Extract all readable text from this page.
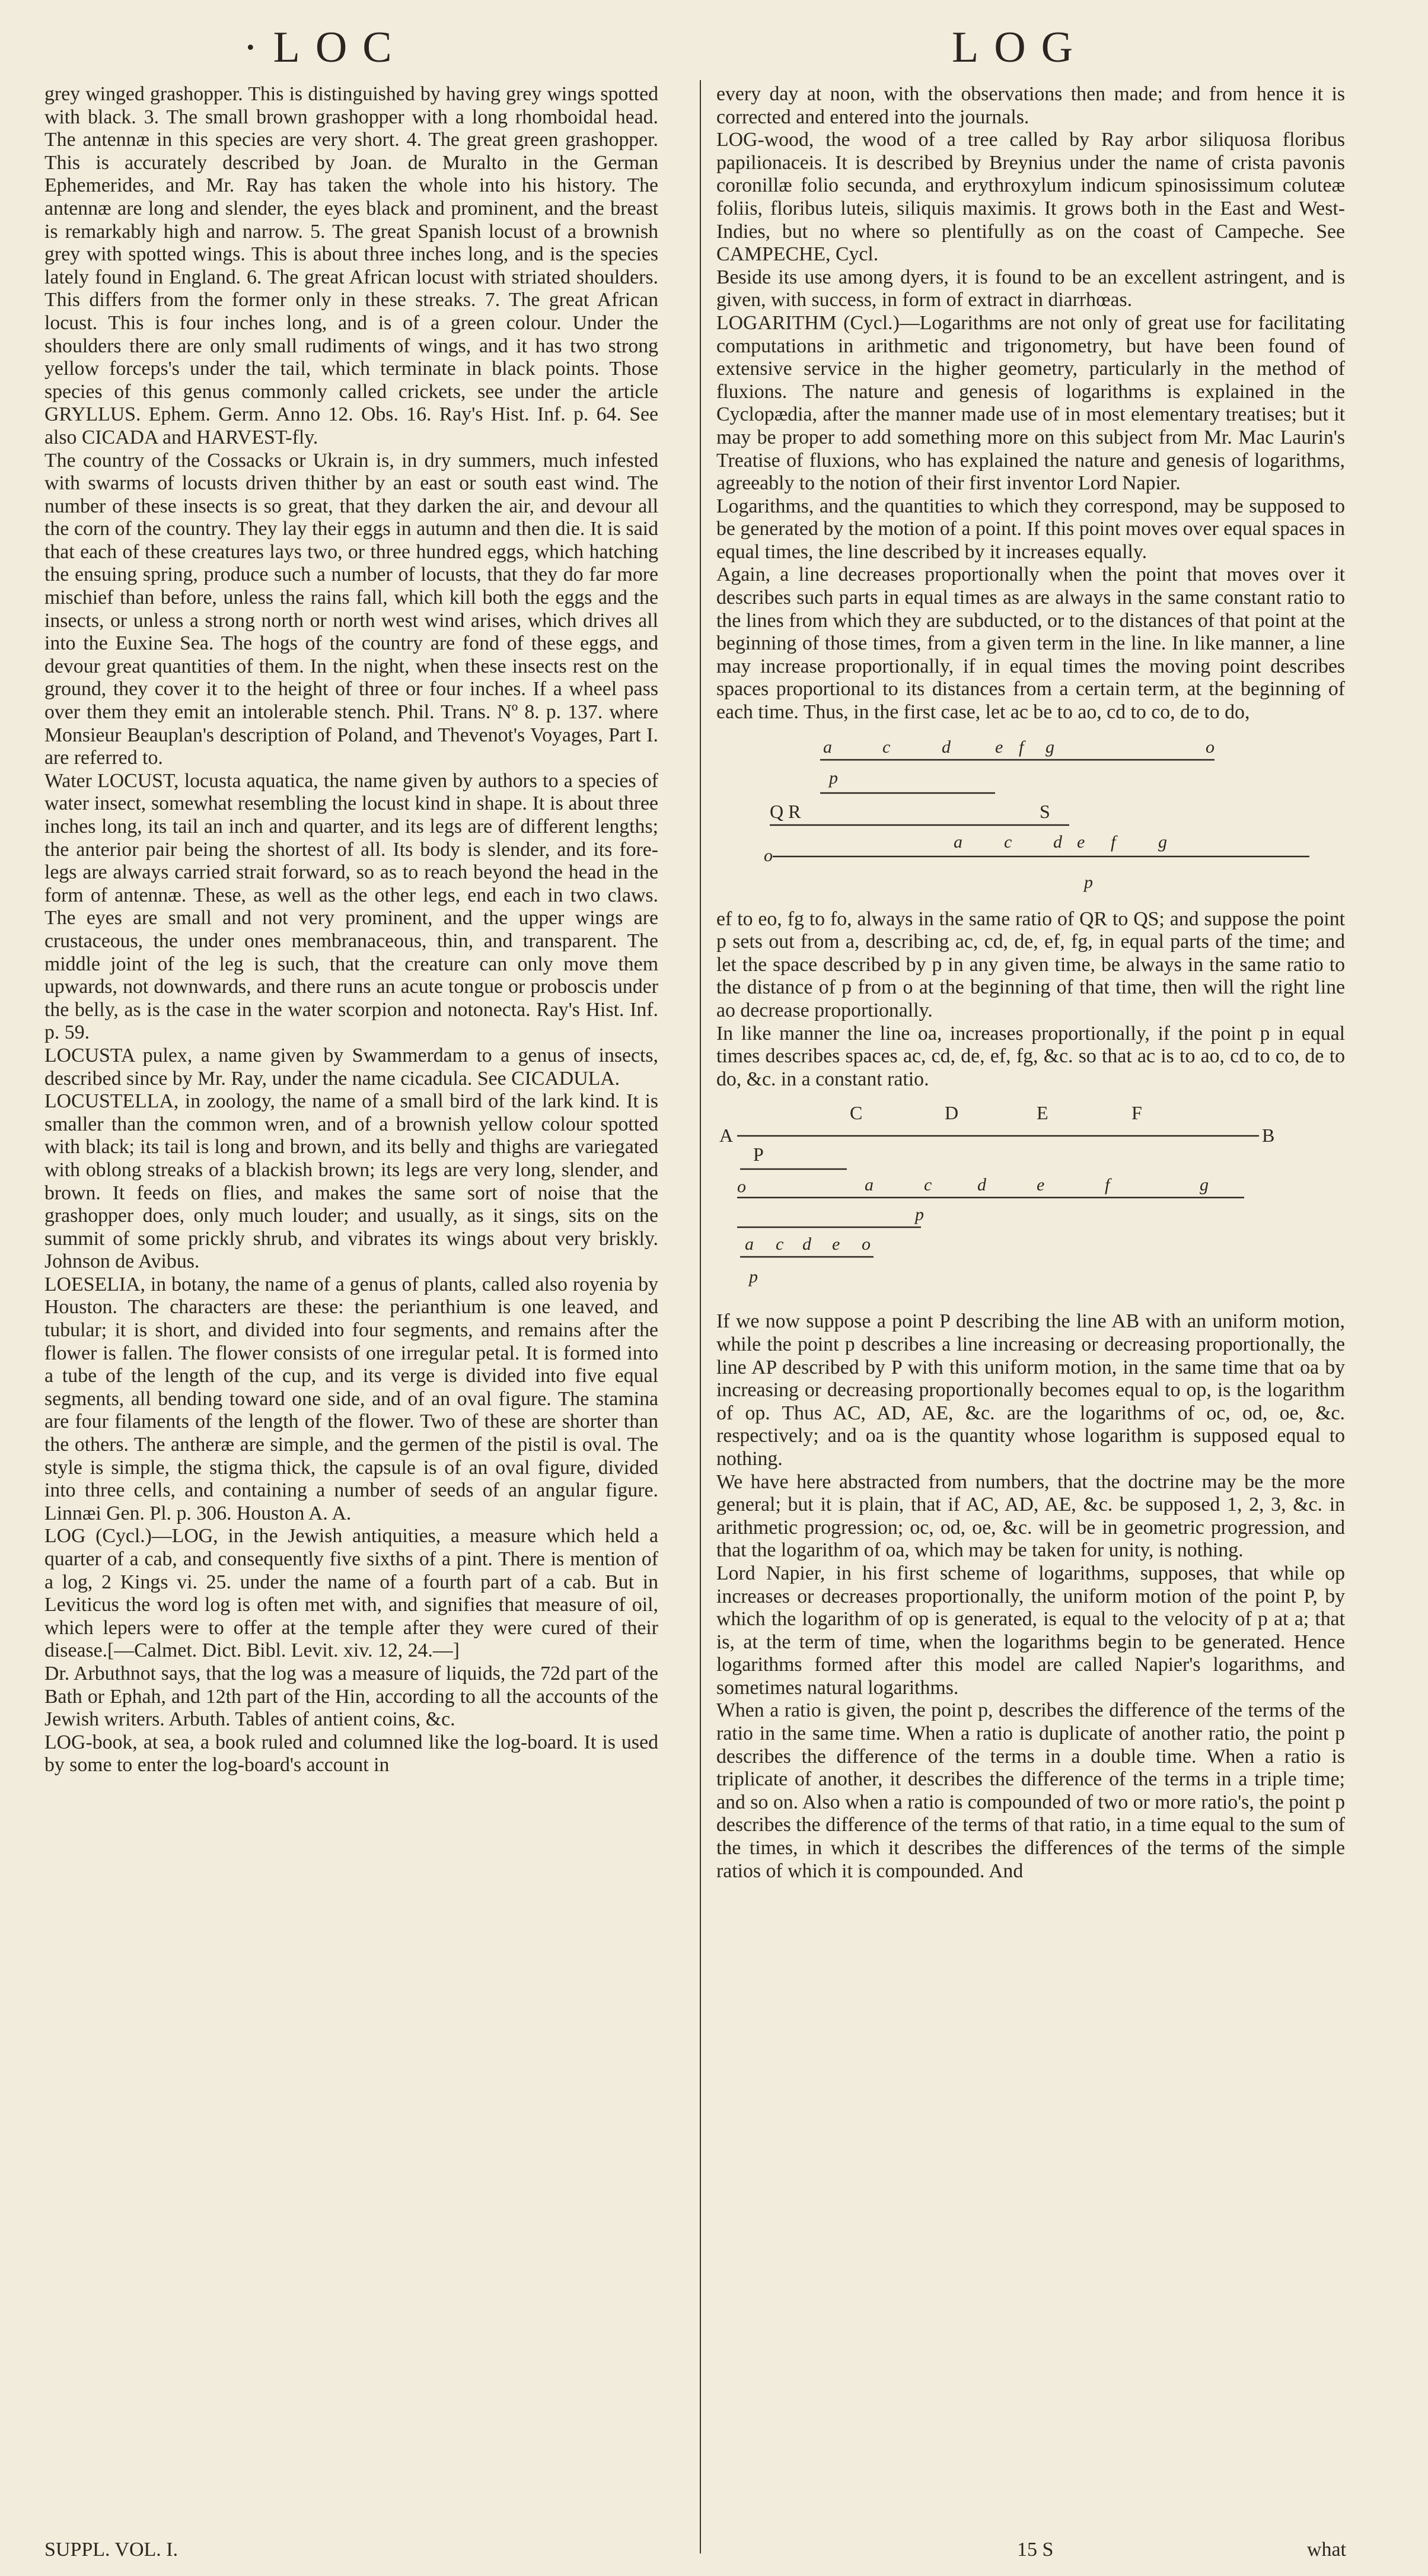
·LOC	LOG

grey winged grashopper. This is distinguished by having grey wings spotted with black. 3. The small brown grashopper with a long rhomboidal head. The antennæ in this species are very short. 4. The great green grashopper. This is accurately described by Joan. de Muralto in the German Ephemerides, and Mr. Ray has taken the whole into his history. The antennæ are long and slender, the eyes black and prominent, and the breast is remarkably high and narrow. 5. The great Spanish locust of a brownish grey with spotted wings. This is about three inches long, and is the species lately found in England. 6. The great African locust with striated shoulders. This differs from the former only in these streaks. 7. The great African locust. This is four inches long, and is of a green colour. Under the shoulders there are only small rudiments of wings, and it has two strong yellow forceps's under the tail, which terminate in black points. Those species of this genus commonly called crickets, see under the article GRYLLUS. Ephem. Germ. Anno 12. Obs. 16. Ray's Hist. Inf. p. 64. See also CICADA and HARVEST-fly.

The country of the Cossacks or Ukrain is, in dry summers, much infested with swarms of locusts driven thither by an east or south east wind. The number of these insects is so great, that they darken the air, and devour all the corn of the country. They lay their eggs in autumn and then die. It is said that each of these creatures lays two, or three hundred eggs, which hatching the ensuing spring, produce such a number of locusts, that they do far more mischief than before, unless the rains fall, which kill both the eggs and the insects, or unless a strong north or north west wind arises, which drives all into the Euxine Sea. The hogs of the country are fond of these eggs, and devour great quantities of them. In the night, when these insects rest on the ground, they cover it to the height of three or four inches. If a wheel pass over them they emit an intolerable stench. Phil. Trans. Nº 8. p. 137. where Monsieur Beauplan's description of Poland, and Thevenot's Voyages, Part I. are referred to.

Water LOCUST, locusta aquatica, the name given by authors to a species of water insect, somewhat resembling the locust kind in shape. It is about three inches long, its tail an inch and quarter, and its legs are of different lengths; the anterior pair being the shortest of all. Its body is slender, and its fore-legs are always carried strait forward, so as to reach beyond the head in the form of antennæ. These, as well as the other legs, end each in two claws. The eyes are small and not very prominent, and the upper wings are crustaceous, the under ones membranaceous, thin, and transparent. The middle joint of the leg is such, that the creature can only move them upwards, not downwards, and there runs an acute tongue or proboscis under the belly, as is the case in the water scorpion and notonecta. Ray's Hist. Inf. p. 59.

LOCUSTA pulex, a name given by Swammerdam to a genus of insects, described since by Mr. Ray, under the name cicadula. See CICADULA.

LOCUSTELLA, in zoology, the name of a small bird of the lark kind. It is smaller than the common wren, and of a brownish yellow colour spotted with black; its tail is long and brown, and its belly and thighs are variegated with oblong streaks of a blackish brown; its legs are very long, slender, and brown. It feeds on flies, and makes the same sort of noise that the grashopper does, only much louder; and usually, as it sings, sits on the summit of some prickly shrub, and vibrates its wings about very briskly. Johnson de Avibus.

LOESELIA, in botany, the name of a genus of plants, called also royenia by Houston. The characters are these: the perianthium is one leaved, and tubular; it is short, and divided into four segments, and remains after the flower is fallen. The flower consists of one irregular petal. It is formed into a tube of the length of the cup, and its verge is divided into five equal segments, all bending toward one side, and of an oval figure. The stamina are four filaments of the length of the flower. Two of these are shorter than the others. The antheræ are simple, and the germen of the pistil is oval. The style is simple, the stigma thick, the capsule is of an oval figure, divided into three cells, and containing a number of seeds of an angular figure. Linnæi Gen. Pl. p. 306. Houston A. A.

LOG (Cycl.)—LOG, in the Jewish antiquities, a measure which held a quarter of a cab, and consequently five sixths of a pint. There is mention of a log, 2 Kings vi. 25. under the name of a fourth part of a cab. But in Leviticus the word log is often met with, and signifies that measure of oil, which lepers were to offer at the temple after they were cured of their disease.[—Calmet. Dict. Bibl. Levit. xiv. 12, 24.—]

Dr. Arbuthnot says, that the log was a measure of liquids, the 72d part of the Bath or Ephah, and 12th part of the Hin, according to all the accounts of the Jewish writers. Arbuth. Tables of antient coins, &c.

LOG-book, at sea, a book ruled and columned like the log-board. It is used by some to enter the log-board's account in

every day at noon, with the observations then made; and from hence it is corrected and entered into the journals.

LOG-wood, the wood of a tree called by Ray arbor siliquosa floribus papilionaceis. It is described by Breynius under the name of crista pavonis coronillæ folio secunda, and erythroxylum indicum spinosissimum coluteæ foliis, floribus luteis, siliquis maximis. It grows both in the East and West-Indies, but no where so plentifully as on the coast of Campeche. See CAMPECHE, Cycl.

Beside its use among dyers, it is found to be an excellent astringent, and is given, with success, in form of extract in diarrhœas.

LOGARITHM (Cycl.)—Logarithms are not only of great use for facilitating computations in arithmetic and trigonometry, but have been found of extensive service in the higher geometry, particularly in the method of fluxions. The nature and genesis of logarithms is explained in the Cyclopædia, after the manner made use of in most elementary treatises; but it may be proper to add something more on this subject from Mr. Mac Laurin's Treatise of fluxions, who has explained the nature and genesis of logarithms, agreeably to the notion of their first inventor Lord Napier.

Logarithms, and the quantities to which they correspond, may be supposed to be generated by the motion of a point. If this point moves over equal spaces in equal times, the line described by it increases equally.

Again, a line decreases proportionally when the point that moves over it describes such parts in equal times as are always in the same constant ratio to the lines from which they are subducted, or to the distances of that point at the beginning of those times, from a given term in the line. In like manner, a line may increase proportionally, if in equal times the moving point describes spaces proportional to its distances from a certain term, at the beginning of each time. Thus, in the first case, let ac be to ao, cd to co, de to do,

a	c	d	e f g	o
p
Q R	S
a c d e f g
o
p

ef to eo, fg to fo, always in the same ratio of QR to QS; and suppose the point p sets out from a, describing ac, cd, de, ef, fg, in equal parts of the time; and let the space described by p in any given time, be always in the same ratio to the distance of p from o at the beginning of that time, then will the right line ao decrease proportionally.

In like manner the line oa, increases proportionally, if the point p in equal times describes spaces ac, cd, de, ef, fg, &c. so that ac is to ao, cd to co, de to do, &c. in a constant ratio.

A	B
C	D	E	F
P
o	a	c	d	e	f	g
p
a c d e o
p

If we now suppose a point P describing the line AB with an uniform motion, while the point p describes a line increasing or decreasing proportionally, the line AP described by P with this uniform motion, in the same time that oa by increasing or decreasing proportionally becomes equal to op, is the logarithm of op. Thus AC, AD, AE, &c. are the logarithms of oc, od, oe, &c. respectively; and oa is the quantity whose logarithm is supposed equal to nothing.

We have here abstracted from numbers, that the doctrine may be the more general; but it is plain, that if AC, AD, AE, &c. be supposed 1, 2, 3, &c. in arithmetic progression; oc, od, oe, &c. will be in geometric progression, and that the logarithm of oa, which may be taken for unity, is nothing.

Lord Napier, in his first scheme of logarithms, supposes, that while op increases or decreases proportionally, the uniform motion of the point P, by which the logarithm of op is generated, is equal to the velocity of p at a; that is, at the term of time, when the logarithms begin to be generated. Hence logarithms formed after this model are called Napier's logarithms, and sometimes natural logarithms.

When a ratio is given, the point p, describes the difference of the terms of the ratio in the same time. When a ratio is duplicate of another ratio, the point p describes the difference of the terms in a double time. When a ratio is triplicate of another, it describes the difference of the terms in a triple time; and so on. Also when a ratio is compounded of two or more ratio's, the point p describes the difference of the terms of that ratio, in a time equal to the sum of the times, in which it describes the differences of the terms of the simple ratios of which it is compounded. And

SUPPL. VOL. I.	15 S	what
